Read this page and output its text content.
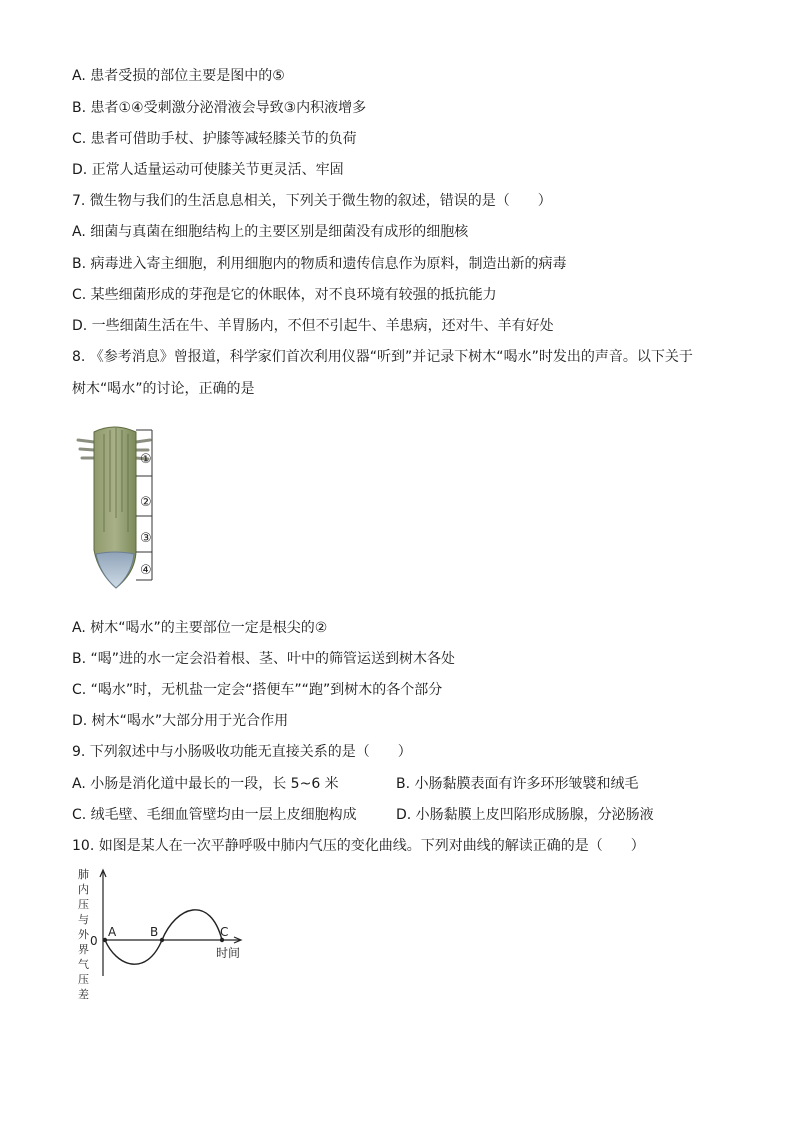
A. 患者受损的部位主要是图中的⑤
B. 患者①④受刺激分泌滑液会导致③内积液增多
C. 患者可借助手杖、护膝等减轻膝关节的负荷
D. 正常人适量运动可使膝关节更灵活、牢固
7. 微生物与我们的生活息息相关，下列关于微生物的叙述，错误的是（　　）
A. 细菌与真菌在细胞结构上的主要区别是细菌没有成形的细胞核
B. 病毒进入寄主细胞，利用细胞内的物质和遗传信息作为原料，制造出新的病毒
C. 某些细菌形成的芽孢是它的休眠体，对不良环境有较强的抵抗能力
D. 一些细菌生活在牛、羊胃肠内，不但不引起牛、羊患病，还对牛、羊有好处
8. 《参考消息》曾报道，科学家们首次利用仪器“听到”并记录下树木“喝水”时发出的声音。以下关于
树木“喝水”的讨论，正确的是
①
②
③
④
A. 树木“喝水”的主要部位一定是根尖的②
B. “喝”进的水一定会沿着根、茎、叶中的筛管运送到树木各处
C. “喝水”时，无机盐一定会“搭便车”“跑”到树木的各个部分
D. 树木“喝水”大部分用于光合作用
9. 下列叙述中与小肠吸收功能无直接关系的是（　　）
A. 小肠是消化道中最长的一段，长 5~6 米	B. 小肠黏膜表面有许多环形皱襞和绒毛
C. 绒毛壁、毛细血管壁均由一层上皮细胞构成	D. 小肠黏膜上皮凹陷形成肠腺，分泌肠液
10. 如图是某人在一次平静呼吸中肺内气压的变化曲线。下列对曲线的解读正确的是（　　）
肺
内
压
与
外
界
气
压
差
0
A	B	C
时间
